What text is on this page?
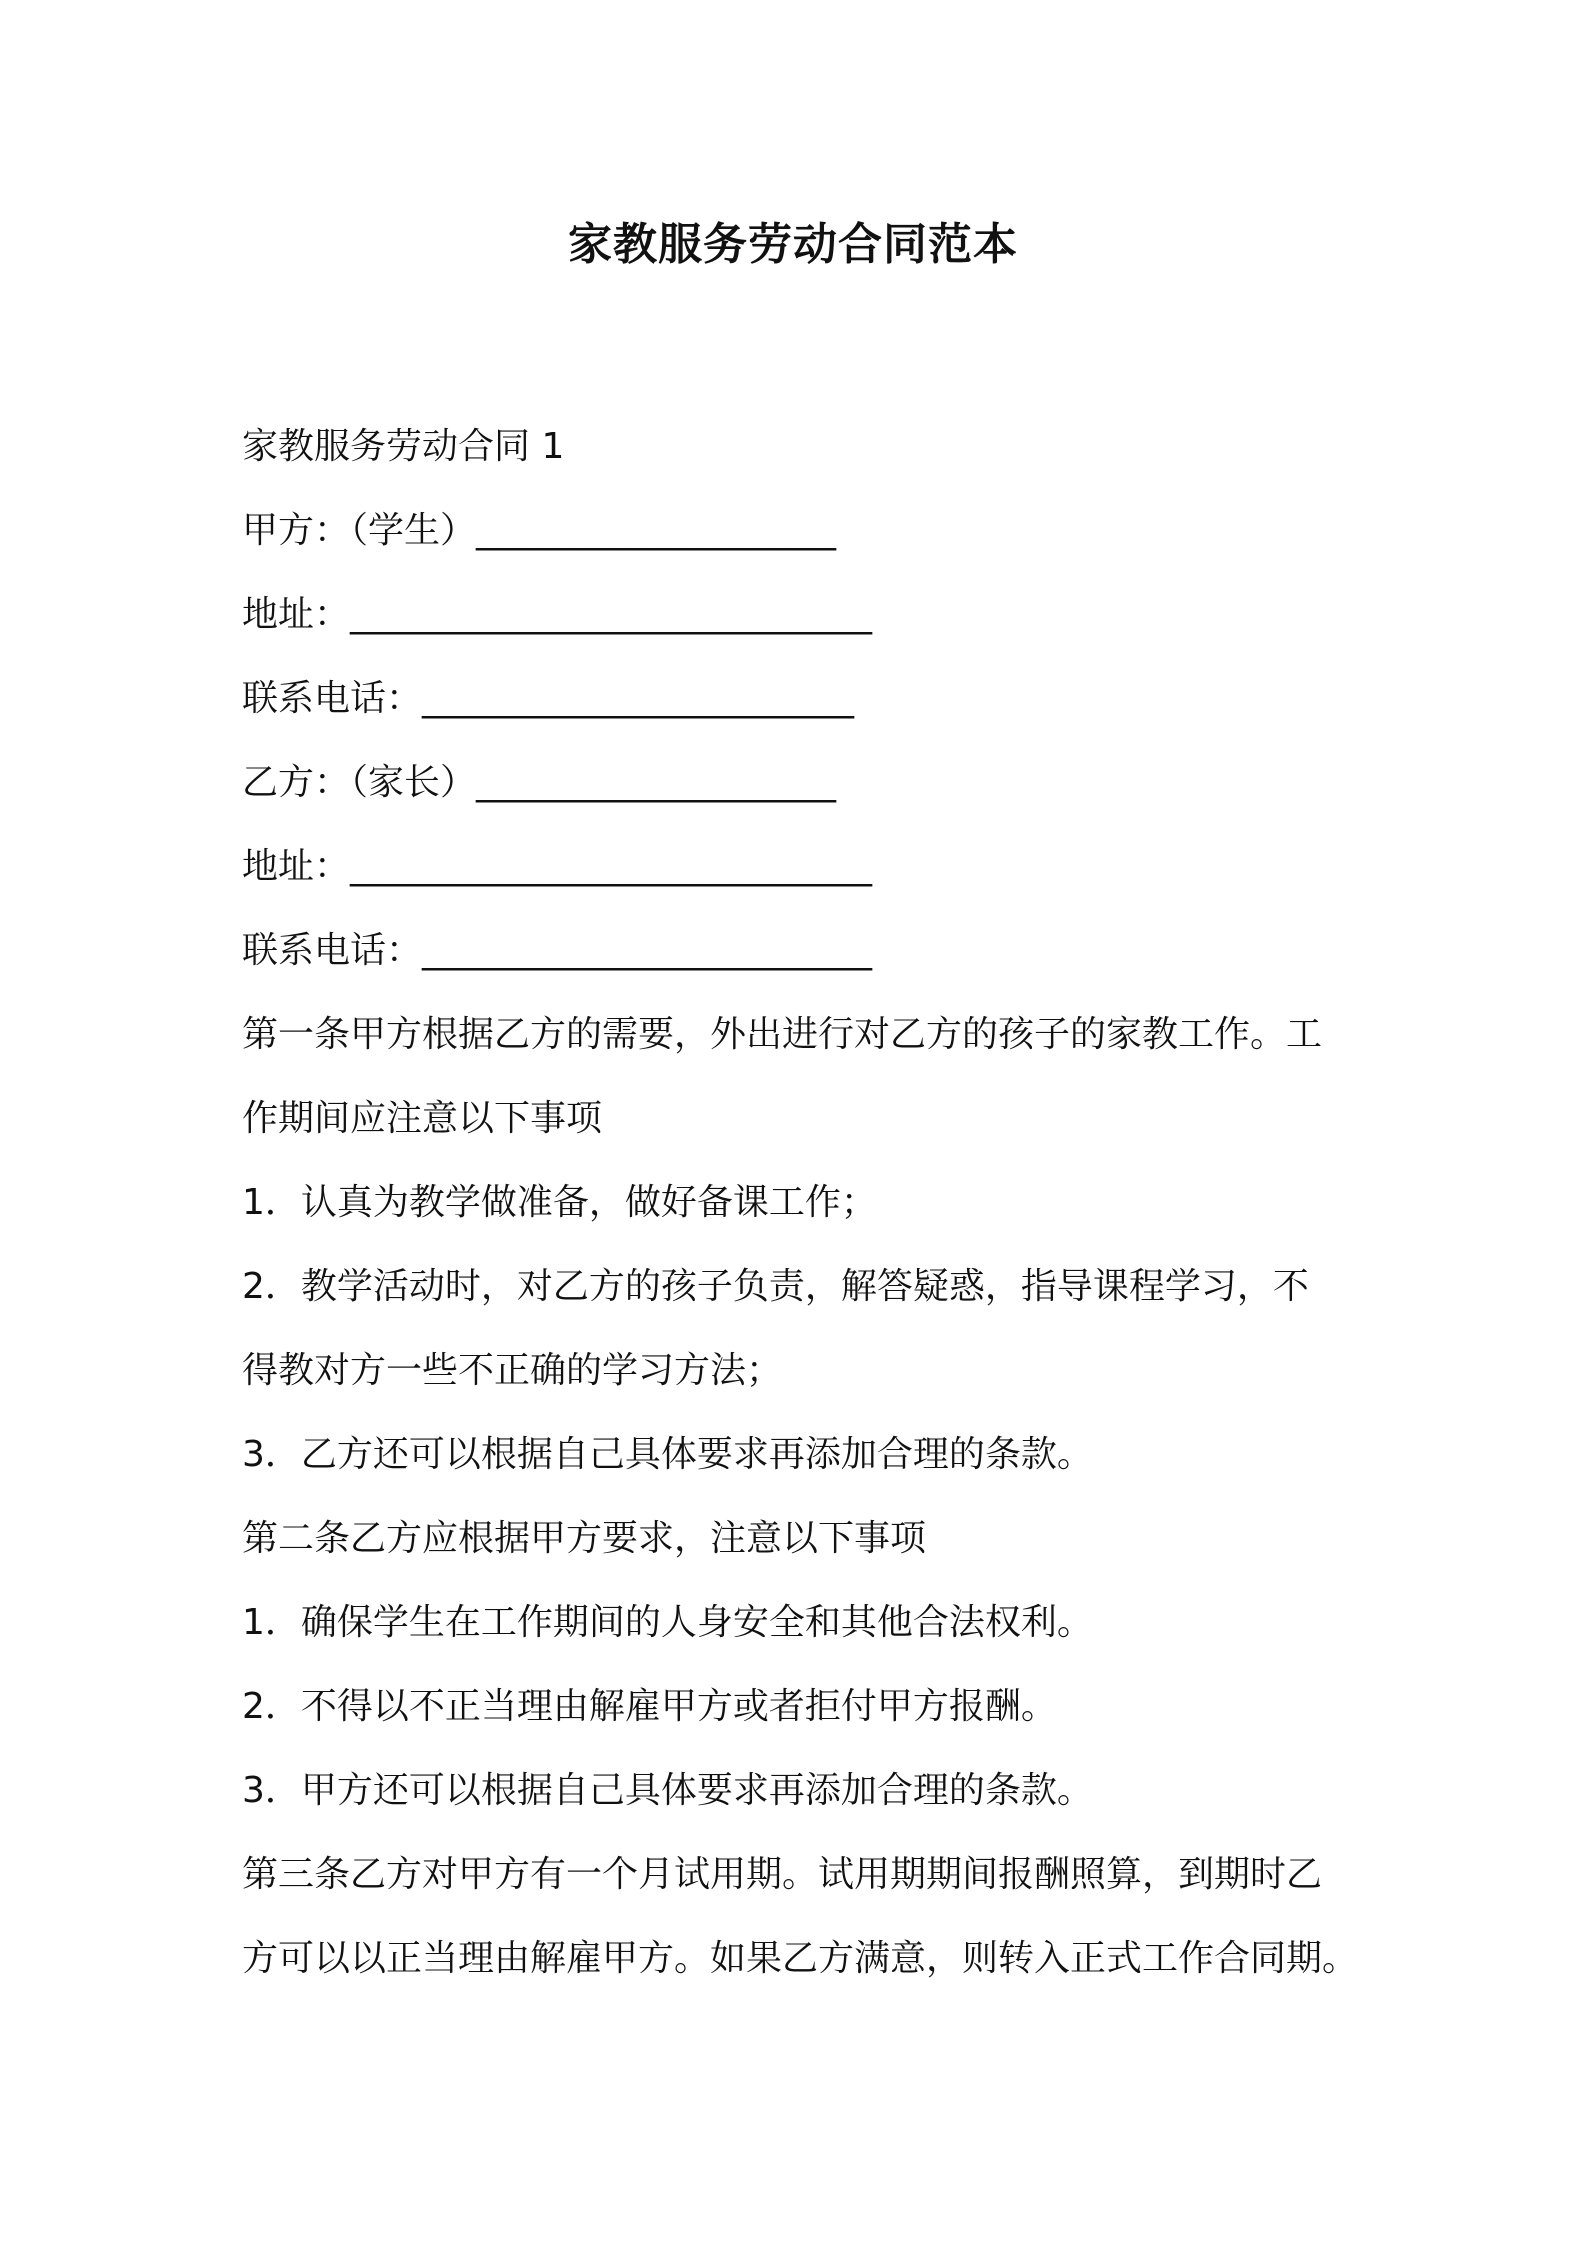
家教服务劳动合同范本

家教服务劳动合同 1

甲方：（学生）____________________

地址：_____________________________

联系电话：________________________

乙方：（家长）____________________

地址：_____________________________

联系电话：_________________________

第一条甲方根据乙方的需要，外出进行对乙方的孩子的家教工作。工

作期间应注意以下事项

1．认真为教学做准备，做好备课工作；

2．教学活动时，对乙方的孩子负责，解答疑惑，指导课程学习，不

得教对方一些不正确的学习方法；

3．乙方还可以根据自己具体要求再添加合理的条款。

第二条乙方应根据甲方要求，注意以下事项

1．确保学生在工作期间的人身安全和其他合法权利。

2．不得以不正当理由解雇甲方或者拒付甲方报酬。

3．甲方还可以根据自己具体要求再添加合理的条款。

第三条乙方对甲方有一个月试用期。试用期期间报酬照算，到期时乙

方可以以正当理由解雇甲方。如果乙方满意，则转入正式工作合同期。
